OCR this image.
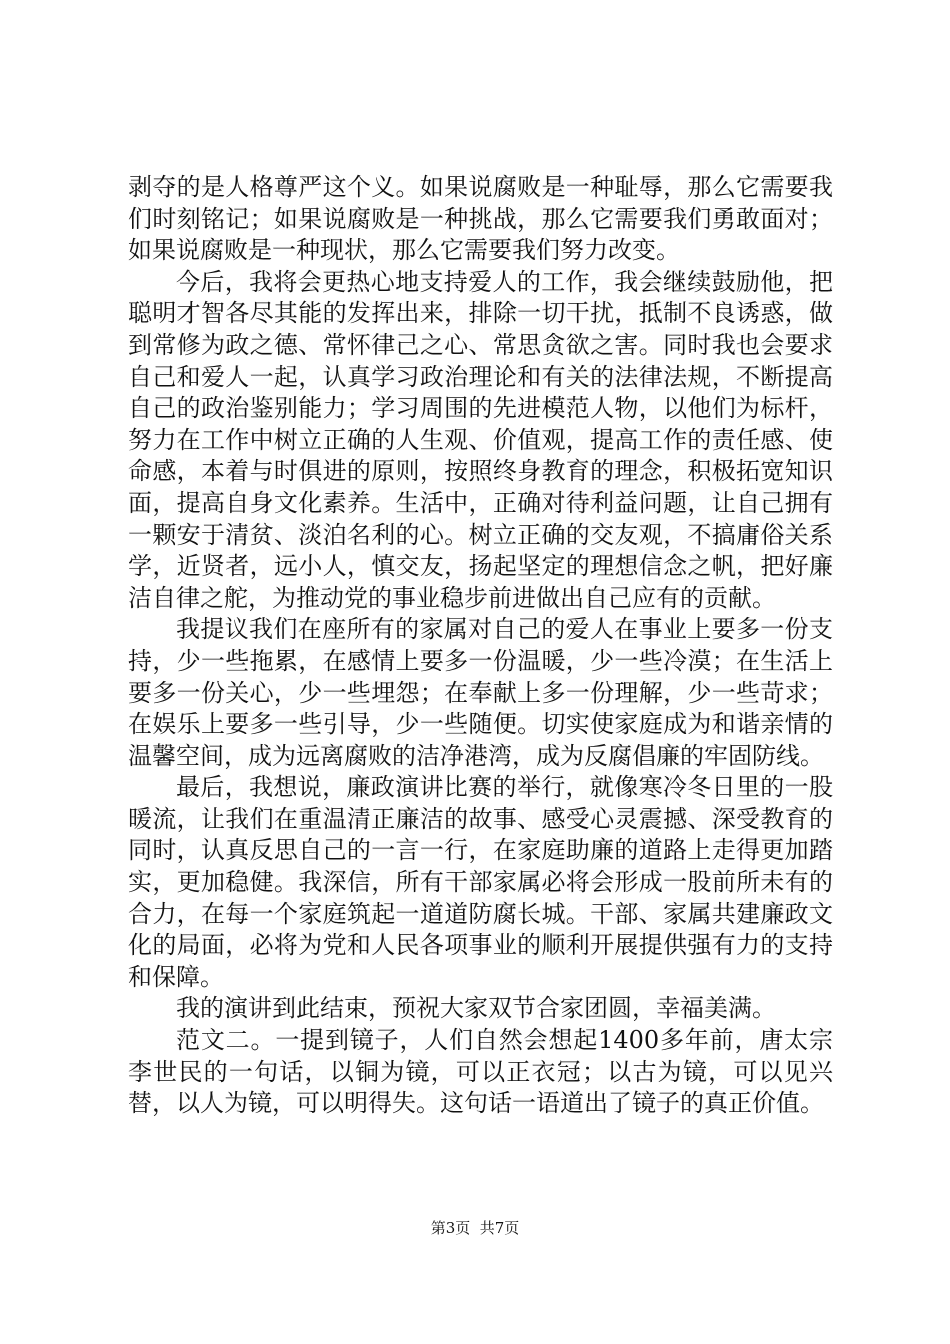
剥夺的是人格尊严这个义。如果说腐败是一种耻辱，那么它需要我们时刻铭记；如果说腐败是一种挑战，那么它需要我们勇敢面对；如果说腐败是一种现状，那么它需要我们努力改变。

今后，我将会更热心地支持爱人的工作，我会继续鼓励他，把聪明才智各尽其能的发挥出来，排除一切干扰，抵制不良诱惑，做到常修为政之德、常怀律己之心、常思贪欲之害。同时我也会要求自己和爱人一起，认真学习政治理论和有关的法律法规，不断提高自己的政治鉴别能力；学习周围的先进模范人物，以他们为标杆，努力在工作中树立正确的人生观、价值观，提高工作的责任感、使命感，本着与时俱进的原则，按照终身教育的理念，积极拓宽知识面，提高自身文化素养。生活中，正确对待利益问题，让自己拥有一颗安于清贫、淡泊名利的心。树立正确的交友观，不搞庸俗关系学，近贤者，远小人，慎交友，扬起坚定的理想信念之帆，把好廉洁自律之舵，为推动党的事业稳步前进做出自己应有的贡献。

我提议我们在座所有的家属对自己的爱人在事业上要多一份支持，少一些拖累，在感情上要多一份温暖，少一些冷漠；在生活上要多一份关心，少一些埋怨；在奉献上多一份理解，少一些苛求；在娱乐上要多一些引导，少一些随便。切实使家庭成为和谐亲情的温馨空间，成为远离腐败的洁净港湾，成为反腐倡廉的牢固防线。

最后，我想说，廉政演讲比赛的举行，就像寒冷冬日里的一股暖流，让我们在重温清正廉洁的故事、感受心灵震撼、深受教育的同时，认真反思自己的一言一行，在家庭助廉的道路上走得更加踏实，更加稳健。我深信，所有干部家属必将会形成一股前所未有的合力，在每一个家庭筑起一道道防腐长城。干部、家属共建廉政文化的局面，必将为党和人民各项事业的顺利开展提供强有力的支持和保障。

我的演讲到此结束，预祝大家双节合家团圆，幸福美满。

范文二。一提到镜子，人们自然会想起1400多年前，唐太宗李世民的一句话，以铜为镜，可以正衣冠；以古为镜，可以见兴替，以人为镜，可以明得失。这句话一语道出了镜子的真正价值。

第3页  共7页
